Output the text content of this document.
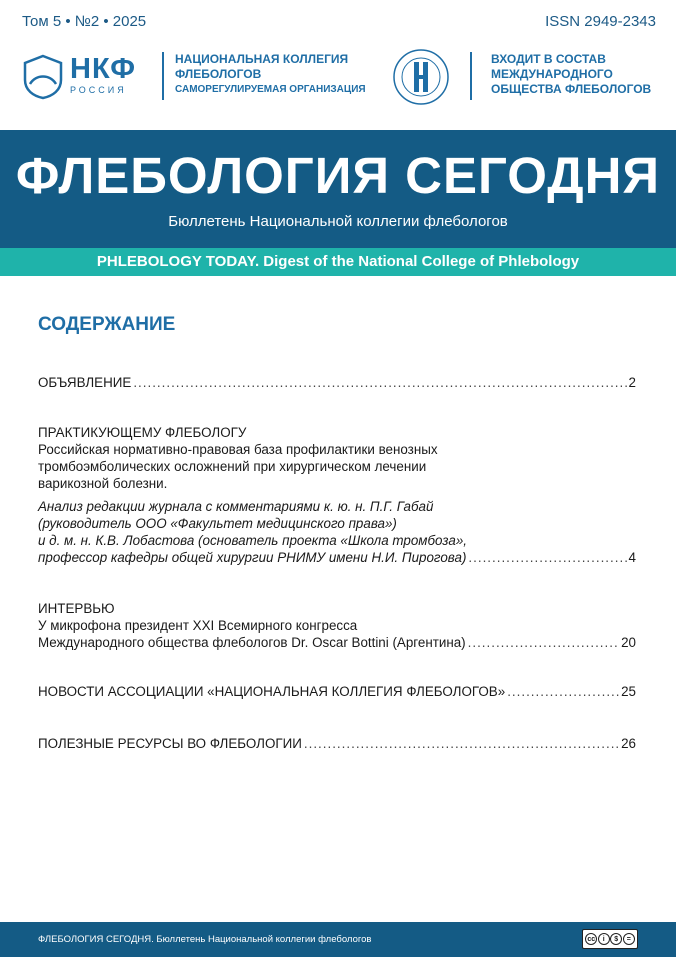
Том 5 • №2 • 2025	ISSN 2949-2343
НКФ
РОССИЯ
НАЦИОНАЛЬНАЯ КОЛЛЕГИЯ
ФЛЕБОЛОГОВ
САМОРЕГУЛИРУЕМАЯ ОРГАНИЗАЦИЯ
ВХОДИТ В СОСТАВ
МЕЖДУНАРОДНОГО
ОБЩЕСТВА ФЛЕБОЛОГОВ
ФЛЕБОЛОГИЯ СЕГОДНЯ
Бюллетень Национальной коллегии флебологов
PHLEBOLOGY TODAY. Digest of the National College of Phlebology
СОДЕРЖАНИЕ
ОБЪЯВЛЕНИЕ .....	2
ПРАКТИКУЮЩЕМУ ФЛЕБОЛОГУ
Российская нормативно-правовая база профилактики венозных
тромбоэмболических осложнений при хирургическом лечении
варикозной болезни.
Анализ редакции журнала с комментариями к. ю. н. П.Г. Габай
(руководитель ООО «Факультет медицинского права»)
и д. м. н. К.В. Лобастова (основатель проекта «Школа тромбоза»,
профессор кафедры общей хирургии РНИМУ имени Н.И. Пирогова) .....	4
ИНТЕРВЬЮ
У микрофона президент XXI Всемирного конгресса
Международного общества флебологов Dr. Oscar Bottini (Аргентина) .....	20
НОВОСТИ АССОЦИАЦИИ «НАЦИОНАЛЬНАЯ КОЛЛЕГИЯ ФЛЕБОЛОГОВ» .....	25
ПОЛЕЗНЫЕ РЕСУРСЫ ВО ФЛЕБОЛОГИИ .....	26
ФЛЕБОЛОГИЯ СЕГОДНЯ. Бюллетень Национальной коллегии флебологов	cc	i	$	=
